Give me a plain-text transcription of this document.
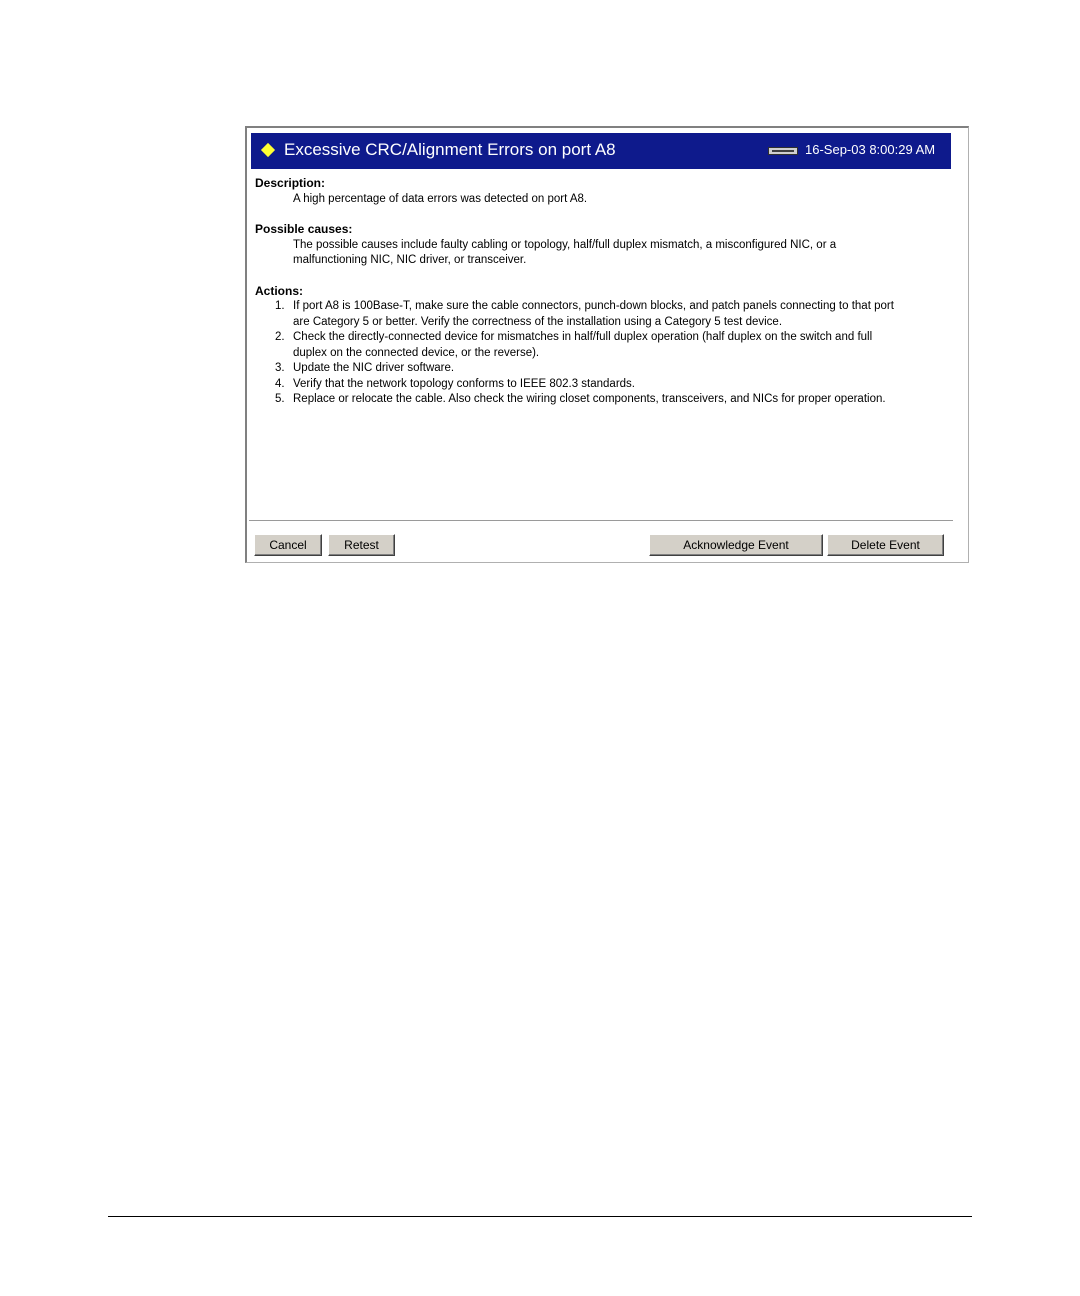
Excessive CRC/Alignment Errors on port A8	16-Sep-03 8:00:29 AM
Description:
A high percentage of data errors was detected on port A8.
Possible causes:
The possible causes include faulty cabling or topology, half/full duplex mismatch, a misconfigured NIC, or a
malfunctioning NIC, NIC driver, or transceiver.
Actions:
1. If port A8 is 100Base-T, make sure the cable connectors, punch-down blocks, and patch panels connecting to that port
are Category 5 or better. Verify the correctness of the installation using a Category 5 test device.
2. Check the directly-connected device for mismatches in half/full duplex operation (half duplex on the switch and full
duplex on the connected device, or the reverse).
3. Update the NIC driver software.
4. Verify that the network topology conforms to IEEE 802.3 standards.
5. Replace or relocate the cable. Also check the wiring closet components, transceivers, and NICs for proper operation.
Cancel	Retest	Acknowledge Event	Delete Event
